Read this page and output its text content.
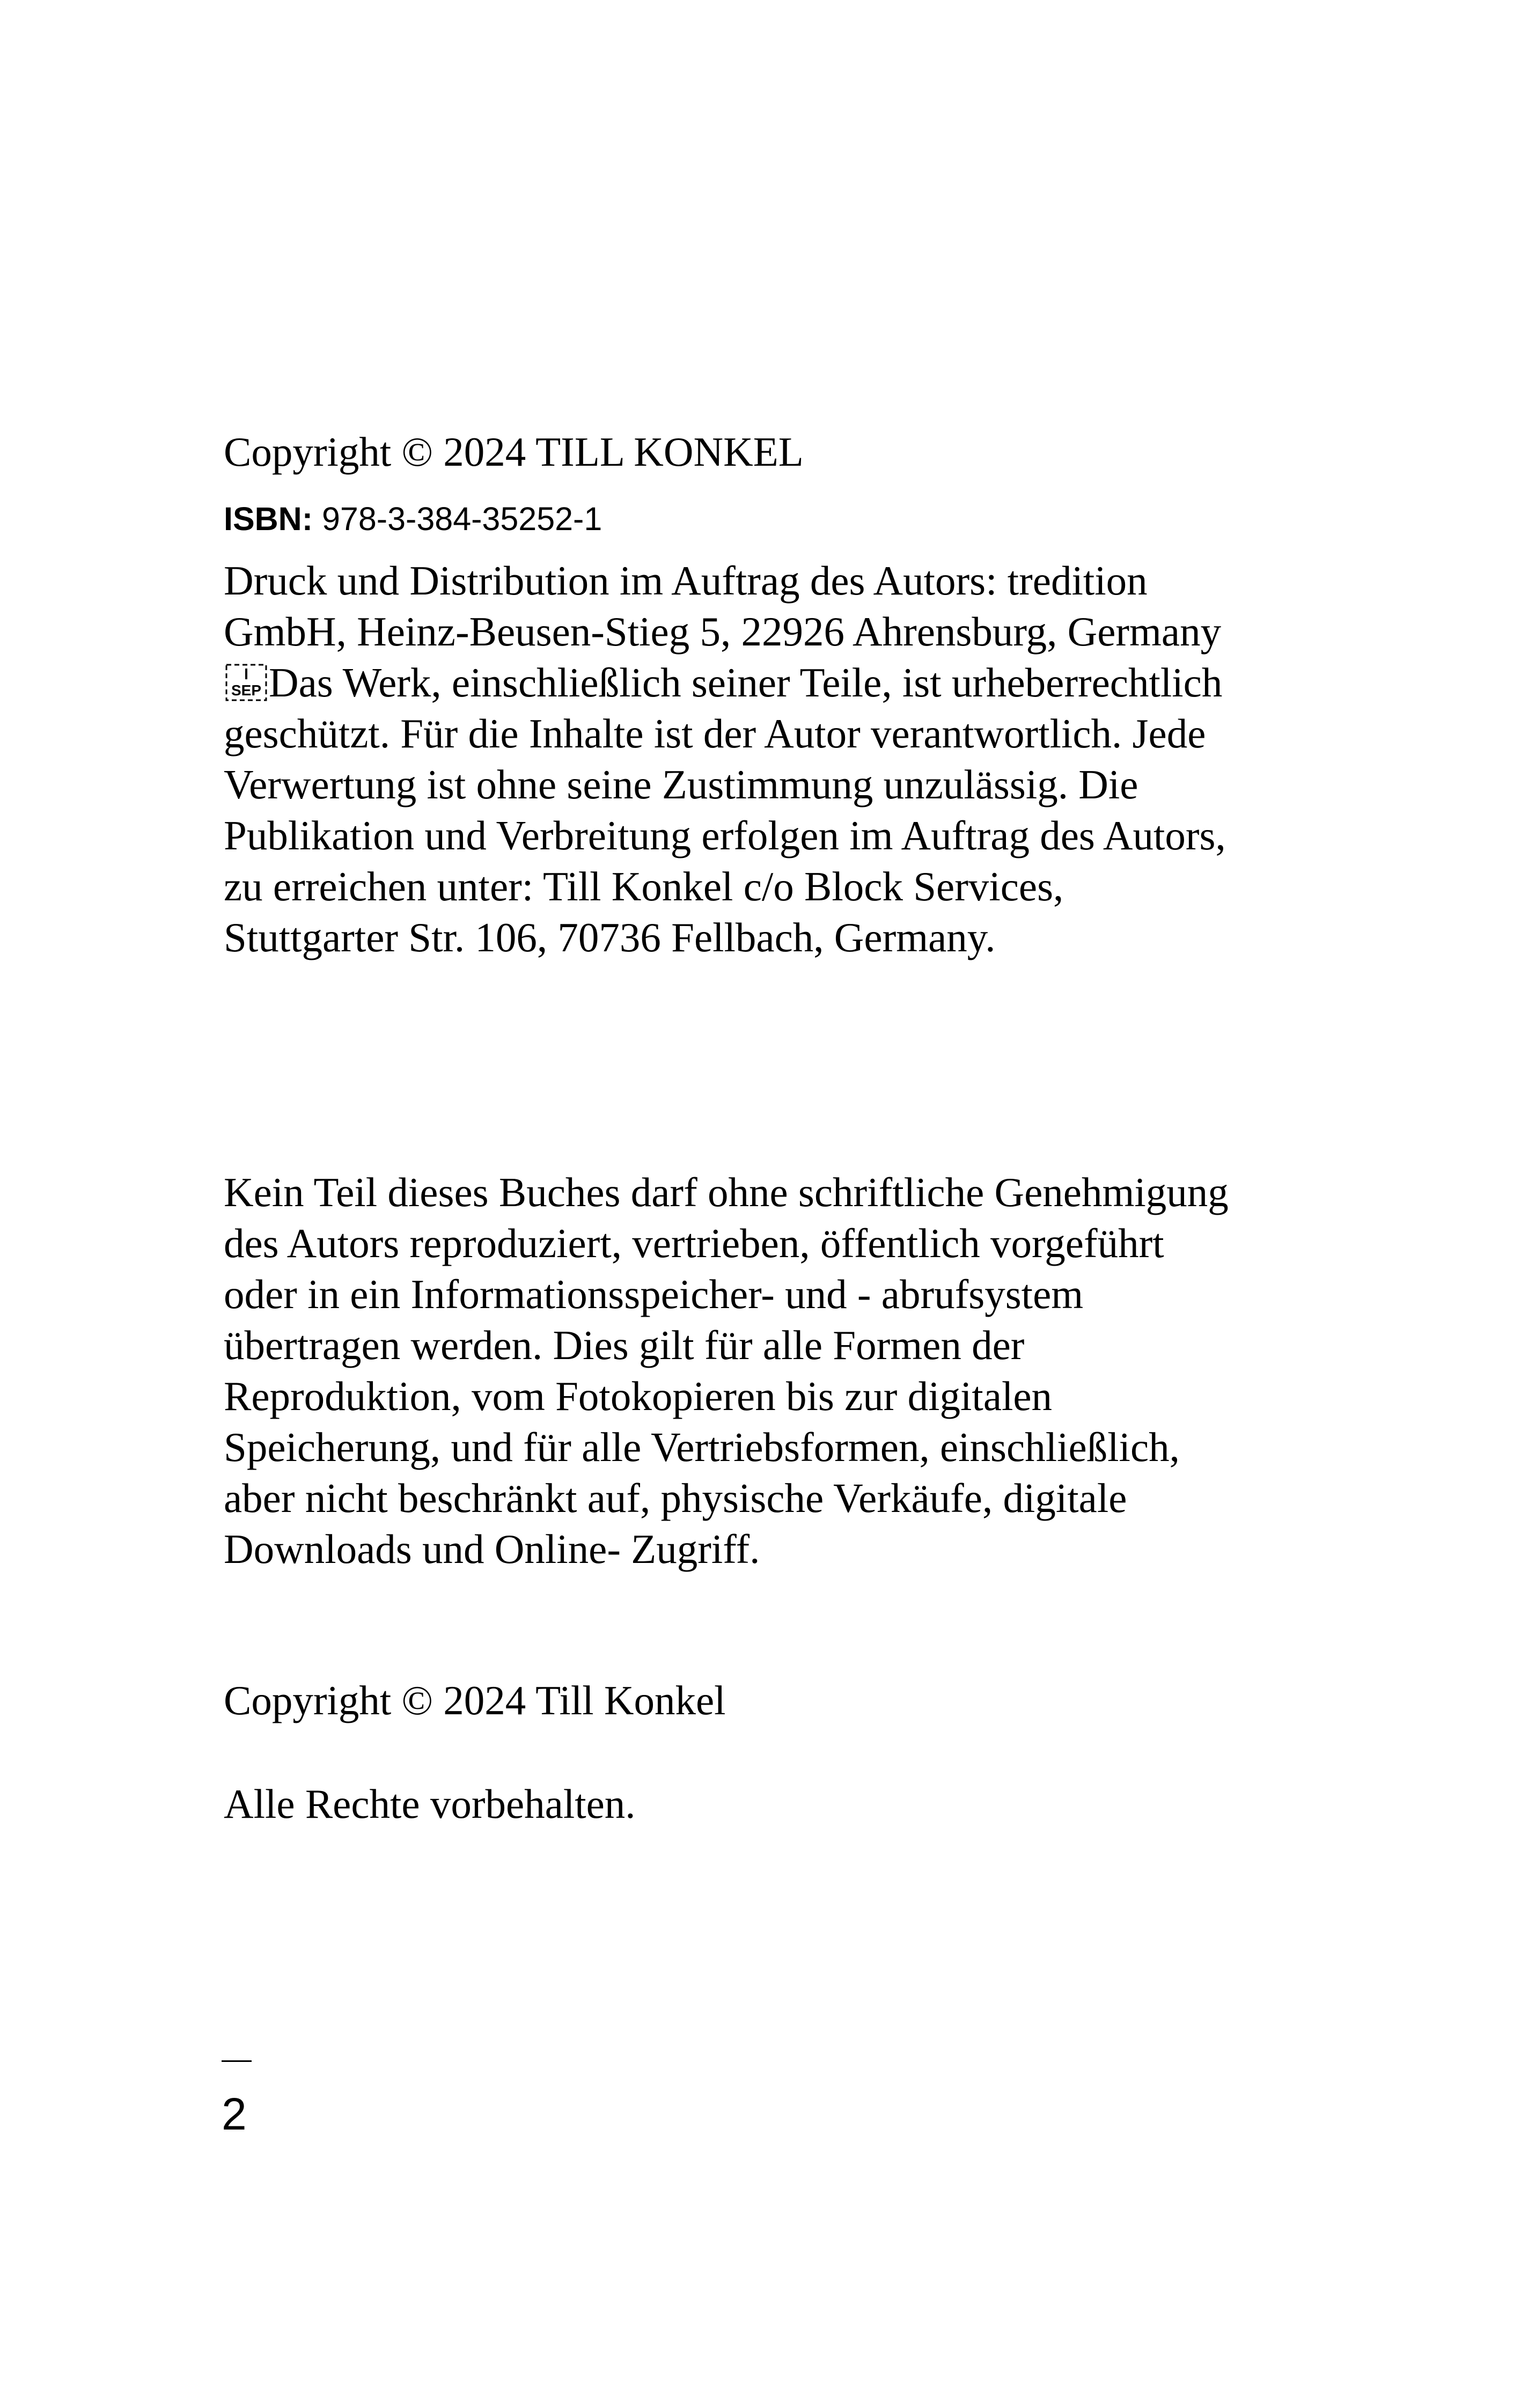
Copyright © 2024 TILL KONKEL

ISBN: 978-3-384-35252-1

Druck und Distribution im Auftrag des Autors: tredition GmbH, Heinz-Beusen-Stieg 5, 22926 Ahrensburg, Germany
SEP Das Werk, einschließlich seiner Teile, ist urheberrechtlich geschützt. Für die Inhalte ist der Autor verantwortlich. Jede Verwertung ist ohne seine Zustimmung unzulässig. Die Publikation und Verbreitung erfolgen im Auftrag des Autors, zu erreichen unter: Till Konkel c/o Block Services, Stuttgarter Str. 106, 70736 Fellbach, Germany.

Kein Teil dieses Buches darf ohne schriftliche Genehmigung des Autors reproduziert, vertrieben, öffentlich vorgeführt oder in ein Informationsspeicher- und - abrufsystem übertragen werden. Dies gilt für alle Formen der Reproduktion, vom Fotokopieren bis zur digitalen Speicherung, und für alle Vertriebsformen, einschließlich, aber nicht beschränkt auf, physische Verkäufe, digitale Downloads und Online- Zugriff.

Copyright © 2024 Till Konkel

Alle Rechte vorbehalten.

2
